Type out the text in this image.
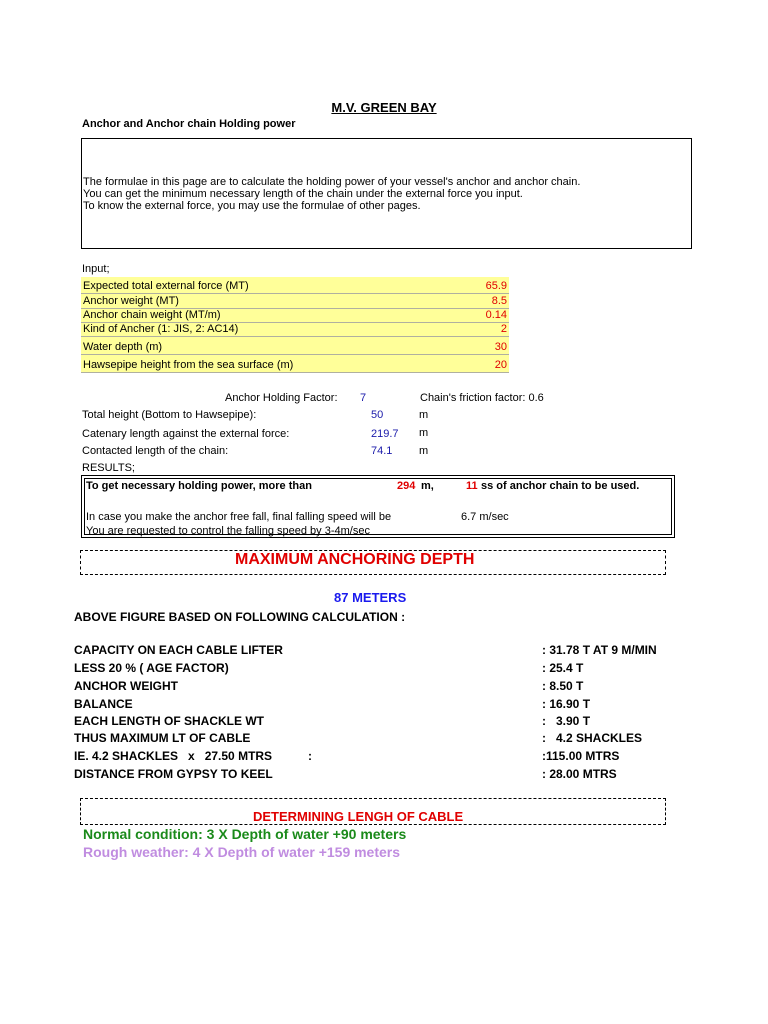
M.V. GREEN BAY
Anchor and Anchor chain Holding power
The formulae in this page are to calculate the holding power of your vessel's anchor and anchor chain.
You can get the minimum necessary length of the chain under the external force you input.
To know the external force, you may use the formulae of other pages.
Input;
Expected total external force (MT)	65.9
Anchor weight (MT)	8.5
Anchor chain weight (MT/m)	0.14
Kind of Ancher (1: JIS, 2: AC14)	2
Water depth (m)	30
Hawsepipe height from the sea surface (m)	20
Anchor Holding Factor: 7	Chain's friction factor: 0.6
Total height (Bottom to Hawsepipe):	50	m
Catenary length against the external force:	219.7 m
Contacted length of the chain:	74.1 m
RESULTS;
To get necessary holding power, more than	294 m,	11 ss of anchor chain to be used.
In case you make the anchor free fall, final falling speed will be	6.7 m/sec
You are requested to control the falling speed by 3-4m/sec
MAXIMUM ANCHORING DEPTH
87 METERS
ABOVE FIGURE BASED ON FOLLOWING CALCULATION :
CAPACITY ON EACH CABLE LIFTER	: 31.78 T AT 9 M/MIN
LESS 20 % ( AGE FACTOR)	: 25.4 T
ANCHOR WEIGHT	: 8.50 T
BALANCE	: 16.90 T
EACH LENGTH OF SHACKLE WT	:   3.90 T
THUS MAXIMUM LT OF CABLE	:   4.2 SHACKLES
IE. 4.2 SHACKLES   x   27.50 MTRS	:	:115.00 MTRS
DISTANCE FROM GYPSY TO KEEL	: 28.00 MTRS
DETERMINING LENGH OF CABLE
Normal condition: 3 X Depth of water +90 meters
Rough weather: 4 X Depth of water +159 meters
